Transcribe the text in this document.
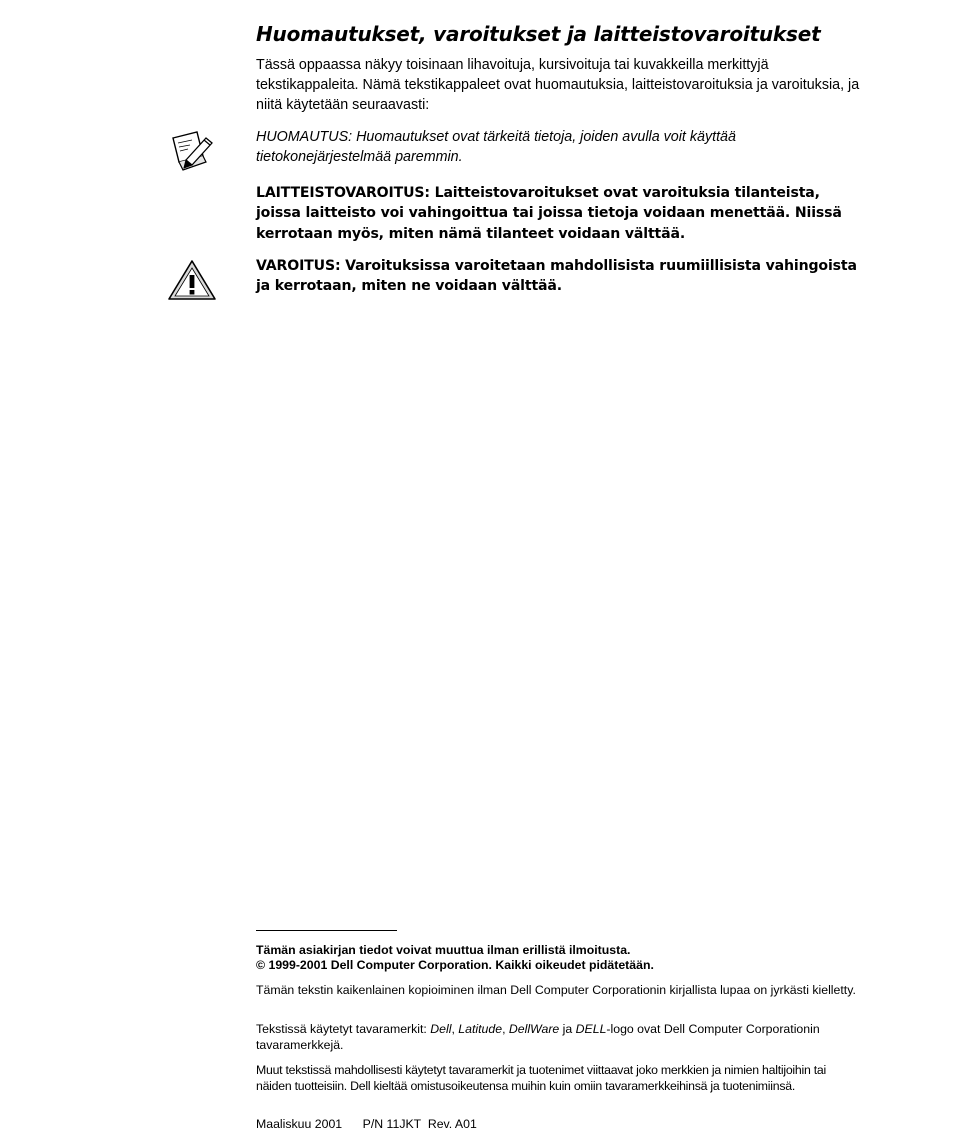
Huomautukset, varoitukset ja laitteistovaroitukset

Tässä oppaassa näkyy toisinaan lihavoituja, kursivoituja tai kuvakkeilla merkittyjä tekstikappaleita. Nämä tekstikappaleet ovat huomautuksia, laitteistovaroituksia ja varoituksia, ja niitä käytetään seuraavasti:

HUOMAUTUS: Huomautukset ovat tärkeitä tietoja, joiden avulla voit käyttää tietokonejärjestelmää paremmin.

LAITTEISTOVAROITUS: Laitteistovaroitukset ovat varoituksia tilanteista, joissa laitteisto voi vahingoittua tai joissa tietoja voidaan menettää. Niissä kerrotaan myös, miten nämä tilanteet voidaan välttää.

VAROITUS: Varoituksissa varoitetaan mahdollisista ruumiillisista vahingoista ja kerrotaan, miten ne voidaan välttää.

Tämän asiakirjan tiedot voivat muuttua ilman erillistä ilmoitusta.
© 1999-2001 Dell Computer Corporation. Kaikki oikeudet pidätetään.

Tämän tekstin kaikenlainen kopioiminen ilman Dell Computer Corporationin kirjallista lupaa on jyrkästi kielletty.

Tekstissä käytetyt tavaramerkit: Dell, Latitude, DellWare ja DELL-logo ovat Dell Computer Corporationin tavaramerkkejä.

Muut tekstissä mahdollisesti käytetyt tavaramerkit ja tuotenimet viittaavat joko merkkien ja nimien haltijoihin tai näiden tuotteisiin. Dell kieltää omistusoikeutensa muihin kuin omiin tavaramerkkeihinsä ja tuotenimiinsä.

Maaliskuu 2001 P/N 11JKT Rev. A01
